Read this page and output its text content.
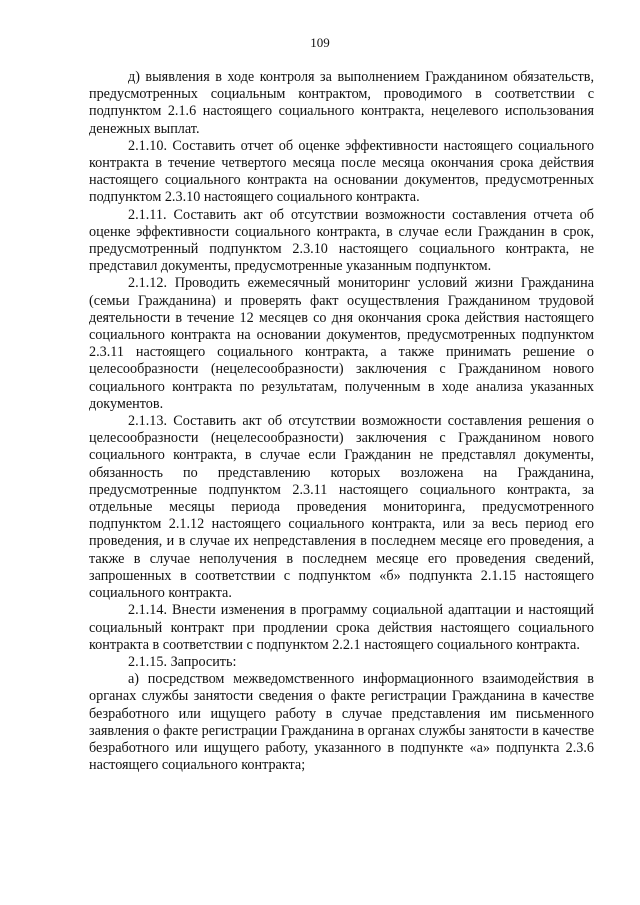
109

д) выявления в ходе контроля за выполнением Гражданином обязательств, предусмотренных социальным контрактом, проводимого в соответствии с подпунктом 2.1.6 настоящего социального контракта, нецелевого использования денежных выплат.

2.1.10. Составить отчет об оценке эффективности настоящего социального контракта в течение четвертого месяца после месяца окончания срока действия настоящего социального контракта на основании документов, предусмотренных подпунктом 2.3.10 настоящего социального контракта.

2.1.11. Составить акт об отсутствии возможности составления отчета об оценке эффективности социального контракта, в случае если Гражданин в срок, предусмотренный подпунктом 2.3.10 настоящего социального контракта, не представил документы, предусмотренные указанным подпунктом.

2.1.12. Проводить ежемесячный мониторинг условий жизни Гражданина (семьи Гражданина) и проверять факт осуществления Гражданином трудовой деятельности в течение 12 месяцев со дня окончания срока действия настоящего социального контракта на основании документов, предусмотренных подпунктом 2.3.11 настоящего социального контракта, а также принимать решение о целесообразности (нецелесообразности) заключения с Гражданином нового социального контракта по результатам, полученным в ходе анализа указанных документов.

2.1.13. Составить акт об отсутствии возможности составления решения о целесообразности (нецелесообразности) заключения с Гражданином нового социального контракта, в случае если Гражданин не представлял документы, обязанность по представлению которых возложена на Гражданина, предусмотренные подпунктом 2.3.11 настоящего социального контракта, за отдельные месяцы периода проведения мониторинга, предусмотренного подпунктом 2.1.12 настоящего социального контракта, или за весь период его проведения, и в случае их непредставления в последнем месяце его проведения, а также в случае неполучения в последнем месяце его проведения сведений, запрошенных в соответствии с подпунктом «б» подпункта 2.1.15 настоящего социального контракта.

2.1.14. Внести изменения в программу социальной адаптации и настоящий социальный контракт при продлении срока действия настоящего социального контракта в соответствии с подпунктом 2.2.1 настоящего социального контракта.

2.1.15. Запросить:

а) посредством межведомственного информационного взаимодействия в органах службы занятости сведения о факте регистрации Гражданина в качестве безработного или ищущего работу в случае представления им письменного заявления о факте регистрации Гражданина в органах службы занятости в качестве безработного или ищущего работу, указанного в подпункте «а» подпункта 2.3.6 настоящего социального контракта;
